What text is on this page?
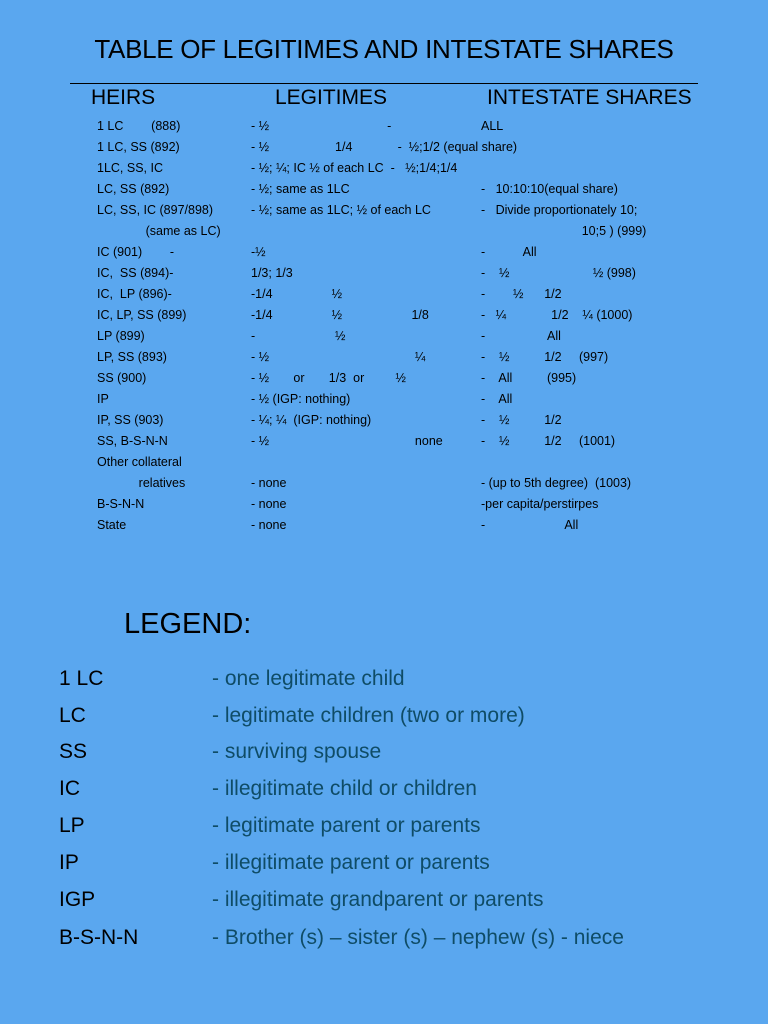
TABLE OF LEGITIMES AND INTESTATE SHARES
HEIRS	LEGITIMES	INTESTATE SHARES
1 LC        (888)	- ½                                  -	ALL
1 LC, SS (892)	- ½                   1/4             -  ½;1/2 (equal share)
1LC, SS, IC	- ½; ¼; IC ½ of each LC  -   ½;1/4;1/4
LC, SS (892)	- ½; same as 1LC	-   10:10:10(equal share)
LC, SS, IC (897/898)	- ½; same as 1LC; ½ of each LC	-   Divide proportionately 10;
(same as LC)	10;5 ) (999)
IC (901)        -	-½	-           All
IC,  SS (894)-	1/3; 1/3	-    ½                        ½ (998)
IC,  LP (896)-	-1/4                 ½	-        ½      1/2
IC, LP, SS (899)	-1/4                 ½                    1/8	-   ¼             1/2    ¼ (1000)
LP (899)	-                       ½	-                  All
LP, SS (893)	- ½                                          ¼	-    ½          1/2     (997)
SS (900)	- ½       or       1/3  or         ½	-    All          (995)
IP	- ½ (IGP: nothing)	-    All
IP, SS (903)	- ¼; ¼  (IGP: nothing)	-    ½          1/2
SS, B-S-N-N	- ½                                          none	-    ½          1/2     (1001)
Other collateral
relatives	- none	- (up to 5th degree)  (1003)
B-S-N-N	- none	-per capita/perstirpes
State	- none	-                       All
LEGEND:
1 LC	- one legitimate child
LC	- legitimate children (two or more)
SS	- surviving spouse
IC	- illegitimate child or children
LP	- legitimate parent or parents
IP	- illegitimate parent or parents
IGP	- illegitimate grandparent or parents
B-S-N-N	- Brother (s) – sister (s) – nephew (s) - niece
